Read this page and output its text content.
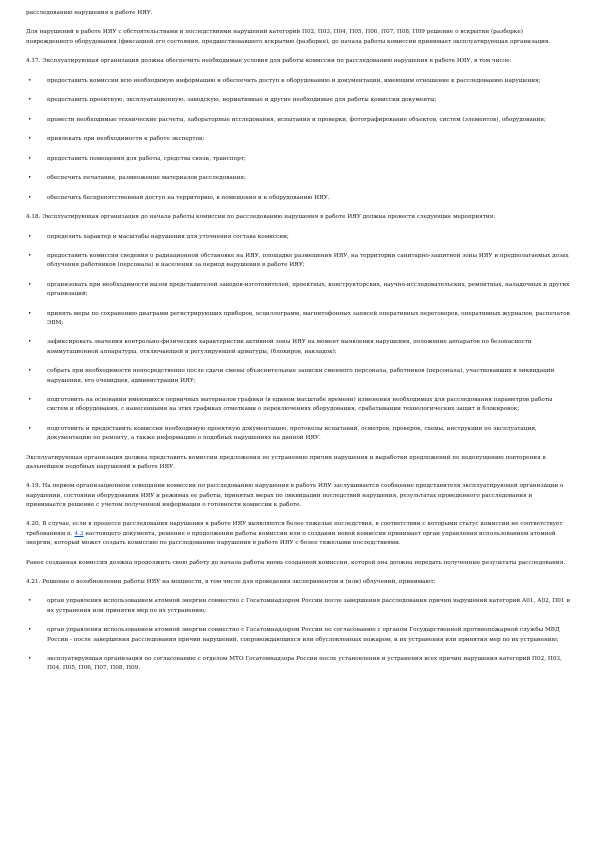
расследованию нарушения в работе ИЯУ.

Для нарушений в работе ИЯУ с обстоятельствами и последствиями нарушений категорий П02, П03, П04, П05, П06, П07, П08, П09 решение о вскрытии (разборке) поврежденного оборудования (фиксацией его состояния, предшествовавшего вскрытию (разборке), до начала работы комиссии принимает эксплуатирующая организация.

4.17. Эксплуатирующая организация должна обеспечить необходимые условия для работы комиссии по расследованию нарушения в работе ИЯУ, в том числе:

• предоставить комиссии всю необходимую информацию и обеспечить доступ к оборудованию и документации, имеющим отношение к расследованию нарушения;

• предоставить проектную, эксплуатационную, заводскую, нормативные и другие необходимые для работы комиссии документы;

• провести необходимые технические расчеты, лабораторные исследования, испытания и проверки, фотографирование объектов, систем (элементов), оборудования;

• привлекать при необходимости к работе экспертов;

• предоставить помещения для работы, средства связи, транспорт;

• обеспечить печатание, размножение материалов расследования;

• обеспечить беспрепятственный доступ на территорию, в помещения и к оборудованию ИЯУ.

4.18. Эксплуатирующая организация до начала работы комиссии по расследованию нарушения в работе ИЯУ должна провести следующие мероприятия:

• определить характер и масштабы нарушения для уточнения состава комиссии;

• предоставить комиссии сведения о радиационной обстановке на ИЯУ, площадке размещения ИЯУ, на территории санитарно-защитной зоны ИЯУ и предполагаемых дозах облучения работников (персонала) и населения за период нарушения в работе ИЯУ;

• организовать при необходимости вызов представителей заводов-изготовителей, проектных, конструкторских, научно-исследовательских, ремонтных, наладочных и других организаций;

• принять меры по сохранению диаграмм регистрирующих приборов, осциллограмм, магнитофонных записей оперативных переговоров, оперативных журналов, распечаток ЭВМ;

• зафиксировать значения контрольно-физических характеристик активной зоны ИЯУ на момент выявления нарушения, положение аппаратов по безопасности коммутационной аппаратуры, отключающей и регулирующей арматуры, (блокиров, накладок);

• собрать при необходимости непосредственно после сдачи смены объяснительные записки сменного персонала, работников (персонала), участвовавших в ликвидации нарушения, его очевидцев, администрации ИЯУ;

• подготовить на основании имеющихся первичных материалов графики (в едином масштабе времени) изменения необходимых для расследования параметров работы систем и оборудования, с нанесенными на этих графиках отметками о переключениях оборудования, срабатывании технологических защит и блокировок;

• подготовить и предоставить комиссии необходимую проектную документацию, протоколы испытаний, осмотров, проверок, схемы, инструкции по эксплуатации, документацию по ремонту, а также информацию о подобных нарушениях на данной ИЯУ.

Эксплуатирующая организация должна представить комиссии предложения по устранению причин нарушения и выработки предложений по недопущению повторения в дальнейшем подобных нарушений в работе ИЯУ.

4.19. На первом организационном совещании комиссии по расследованию нарушения в работе ИЯУ заслушивается сообщение представителя эксплуатирующей организации о нарушении, состоянии оборудования ИЯУ и режимах ее работы, принятых мерах по ликвидации последствий нарушения, результатах проведенного расследования и принимается решение с учетом полученной информации о готовности комиссии к работе.

4.20. В случае, если в процессе расследования нарушения в работе ИЯУ выявляются более тяжелые последствия, в соответствии с которыми статус комиссии не соответствует требованиям п. 4.3 настоящего документа, решение о продолжении работы комиссии или о создании новой комиссии принимает орган управления использованием атомной энергии, который может создать комиссию по расследованию нарушения в работе ИЯУ с более тяжелыми последствиями.

Ранее созданная комиссия должна продолжить свою работу до начала работы вновь созданной комиссии, которой она должна передать полученные результаты расследования.

4.21. Решение о возобновлении работы ИЯУ на мощности, в том числе для проведения экспериментов и (или) облучений, принимают:

• орган управления использованием атомной энергии совместно с Госатомнадзором России после завершения расследования причин нарушений категорий А01, А02, П01 и их устранения или принятия мер по их устранению;

• орган управления использованием атомной энергии совместно с Госатомнадзором России по согласованию с органом Государственной противопожарной службы МВД России - после завершения расследования причин нарушений, сопровождающихся или обусловленных пожаром, и их устранения или принятия мер по их устранению;

• эксплуатирующая организация по согласованию с отделом МТО Госатомнадзора России после установления и устранения всех причин нарушения категорий П02, П03, П04, П05, П06, П07, П08, П09.
